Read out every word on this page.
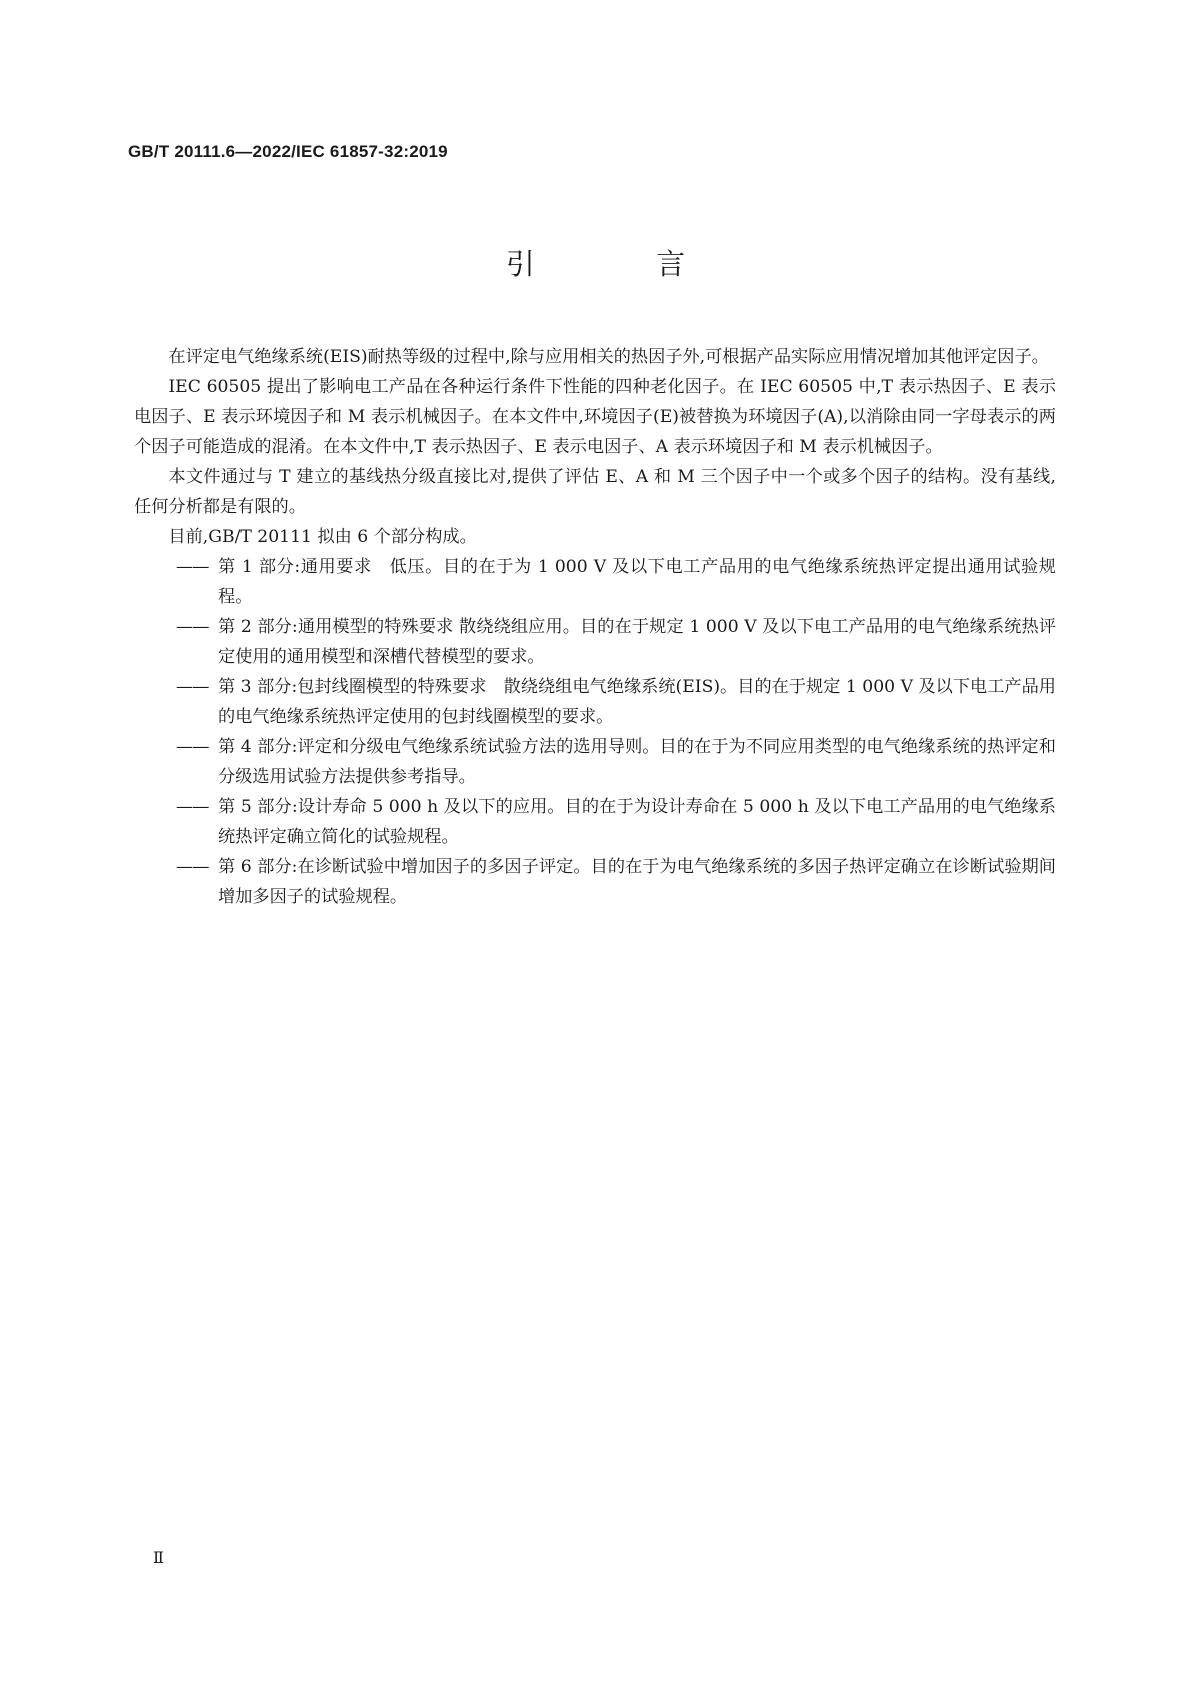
GB/T 20111.6—2022/IEC 61857-32:2019
引 言

在评定电气绝缘系统(EIS)耐热等级的过程中,除与应用相关的热因子外,可根据产品实际应用情况增加其他评定因子。

IEC 60505 提出了影响电工产品在各种运行条件下性能的四种老化因子。在 IEC 60505 中,T 表示热因子、E 表示电因子、E 表示环境因子和 M 表示机械因子。在本文件中,环境因子(E)被替换为环境因子(A),以消除由同一字母表示的两个因子可能造成的混淆。在本文件中,T 表示热因子、E 表示电因子、A 表示环境因子和 M 表示机械因子。

本文件通过与 T 建立的基线热分级直接比对,提供了评估 E、A 和 M 三个因子中一个或多个因子的结构。没有基线,任何分析都是有限的。

目前,GB/T 20111 拟由 6 个部分构成。

—— 第 1 部分:通用要求　低压。目的在于为 1 000 V 及以下电工产品用的电气绝缘系统热评定提出通用试验规程。
—— 第 2 部分:通用模型的特殊要求 散绕绕组应用。目的在于规定 1 000 V 及以下电工产品用的电气绝缘系统热评定使用的通用模型和深槽代替模型的要求。
—— 第 3 部分:包封线圈模型的特殊要求　散绕绕组电气绝缘系统(EIS)。目的在于规定 1 000 V 及以下电工产品用的电气绝缘系统热评定使用的包封线圈模型的要求。
—— 第 4 部分:评定和分级电气绝缘系统试验方法的选用导则。目的在于为不同应用类型的电气绝缘系统的热评定和分级选用试验方法提供参考指导。
—— 第 5 部分:设计寿命 5 000 h 及以下的应用。目的在于为设计寿命在 5 000 h 及以下电工产品用的电气绝缘系统热评定确立简化的试验规程。
—— 第 6 部分:在诊断试验中增加因子的多因子评定。目的在于为电气绝缘系统的多因子热评定确立在诊断试验期间增加多因子的试验规程。
Ⅱ
